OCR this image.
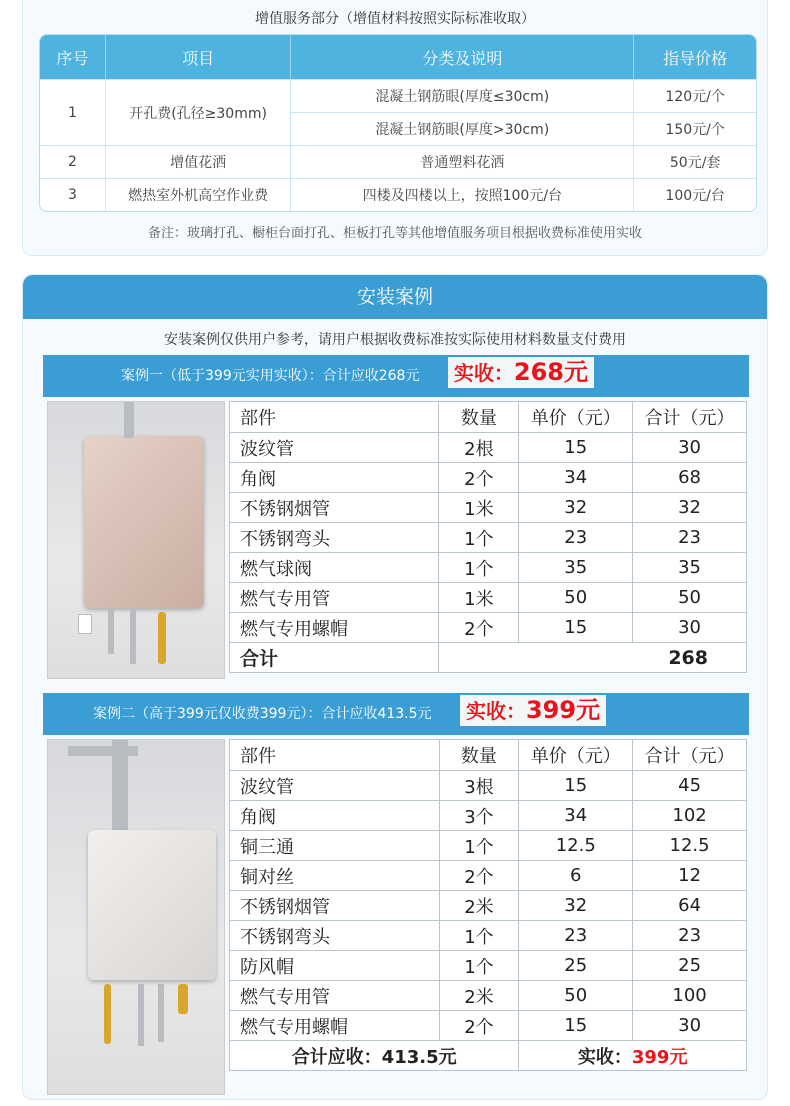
增值服务部分（增值材料按照实际标准收取）
序号	项目	分类及说明	指导价格
1	开孔费(孔径≥30mm)	混凝土钢筋眼(厚度≤30cm)	120元/个
		混凝土钢筋眼(厚度>30cm)	150元/个
2	增值花洒	普通塑料花洒	50元/套
3	燃热室外机高空作业费	四楼及四楼以上，按照100元/台	100元/台
备注：玻璃打孔、橱柜台面打孔、柜板打孔等其他增值服务项目根据收费标准使用实收
安装案例
安装案例仅供用户参考，请用户根据收费标准按实际使用材料数量支付费用
案例一（低于399元实用实收）：合计应收268元 实收：268元
部件	数量	单价（元）	合计（元）
波纹管	2根	15	30
角阀	2个	34	68
不锈钢烟管	1米	32	32
不锈钢弯头	1个	23	23
燃气球阀	1个	35	35
燃气专用管	1米	50	50
燃气专用螺帽	2个	15	30
合计	268		
案例二（高于399元仅收费399元）：合计应收413.5元 实收：399元
部件	数量	单价（元）	合计（元）
波纹管	3根	15	45
角阀	3个	34	102
铜三通	1个	12.5	12.5
铜对丝	2个	6	12
不锈钢烟管	2米	32	64
不锈钢弯头	1个	23	23
防风帽	1个	25	25
燃气专用管	2米	50	100
燃气专用螺帽	2个	15	30
合计应收：413.5元		实收：399元	
